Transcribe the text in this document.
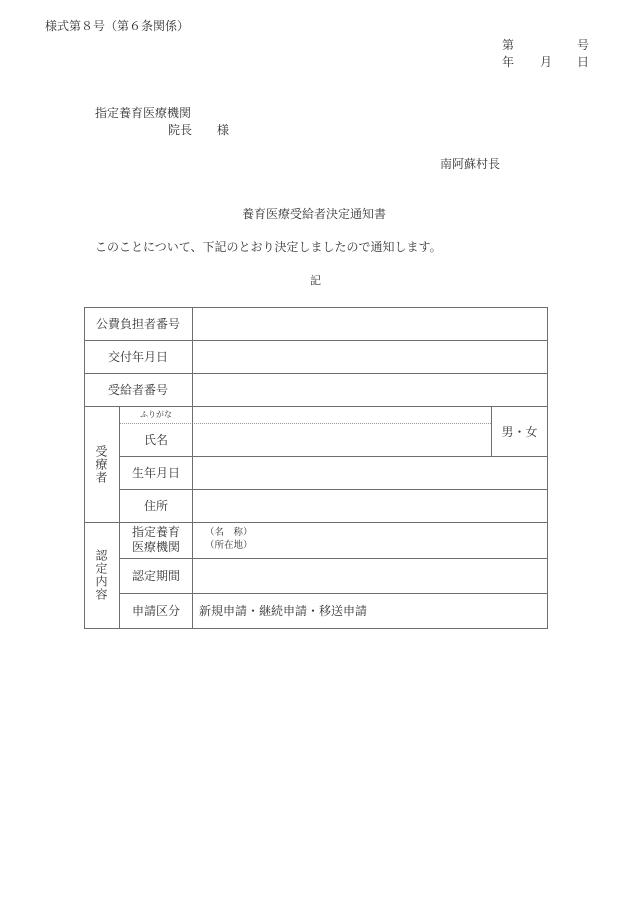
様式第８号（第６条関係）
第	号
年 月 日
指定養育医療機関
院長 様
南阿蘇村長
養育医療受給者決定通知書
このことについて、下記のとおり決定しましたので通知します。
記
公費負担者番号
交付年月日
受給者番号
受療者
ふりがな
氏名
男・女
生年月日
住所
認定内容
指定養育
医療機関
（名　称）
（所在地）
認定期間
申請区分	新規申請・継続申請・移送申請
